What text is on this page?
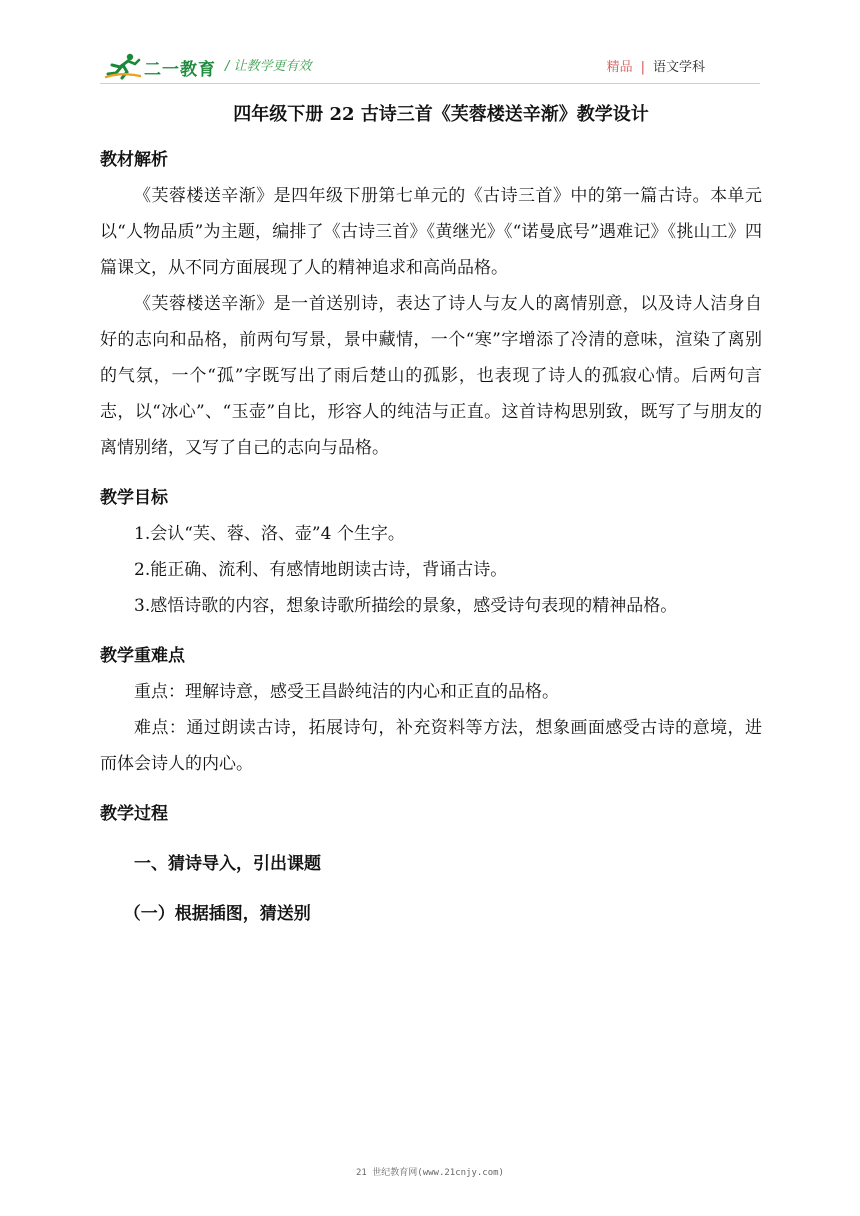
二一教育 / 让教学更有效	精品 | 语文学科
四年级下册 22 古诗三首《芙蓉楼送辛渐》教学设计
教材解析

《芙蓉楼送辛渐》是四年级下册第七单元的《古诗三首》中的第一篇古诗。本单元以“人物品质”为主题，编排了《古诗三首》《黄继光》《“诺曼底号”遇难记》《挑山工》四篇课文，从不同方面展现了人的精神追求和高尚品格。

《芙蓉楼送辛渐》是一首送别诗，表达了诗人与友人的离情别意，以及诗人洁身自好的志向和品格，前两句写景，景中藏情，一个“寒”字增添了冷清的意味，渲染了离别的气氛，一个“孤”字既写出了雨后楚山的孤影，也表现了诗人的孤寂心情。后两句言志，以“冰心”、“玉壶”自比，形容人的纯洁与正直。这首诗构思别致，既写了与朋友的离情别绪，又写了自己的志向与品格。

教学目标

1.会认“芙、蓉、洛、壶”4 个生字。

2.能正确、流利、有感情地朗读古诗，背诵古诗。

3.感悟诗歌的内容，想象诗歌所描绘的景象，感受诗句表现的精神品格。

教学重难点

重点：理解诗意，感受王昌龄纯洁的内心和正直的品格。

难点：通过朗读古诗，拓展诗句，补充资料等方法，想象画面感受古诗的意境，进而体会诗人的内心。

教学过程

一、猜诗导入，引出课题

（一）根据插图，猜送别

21 世纪教育网(www.21cnjy.com)
